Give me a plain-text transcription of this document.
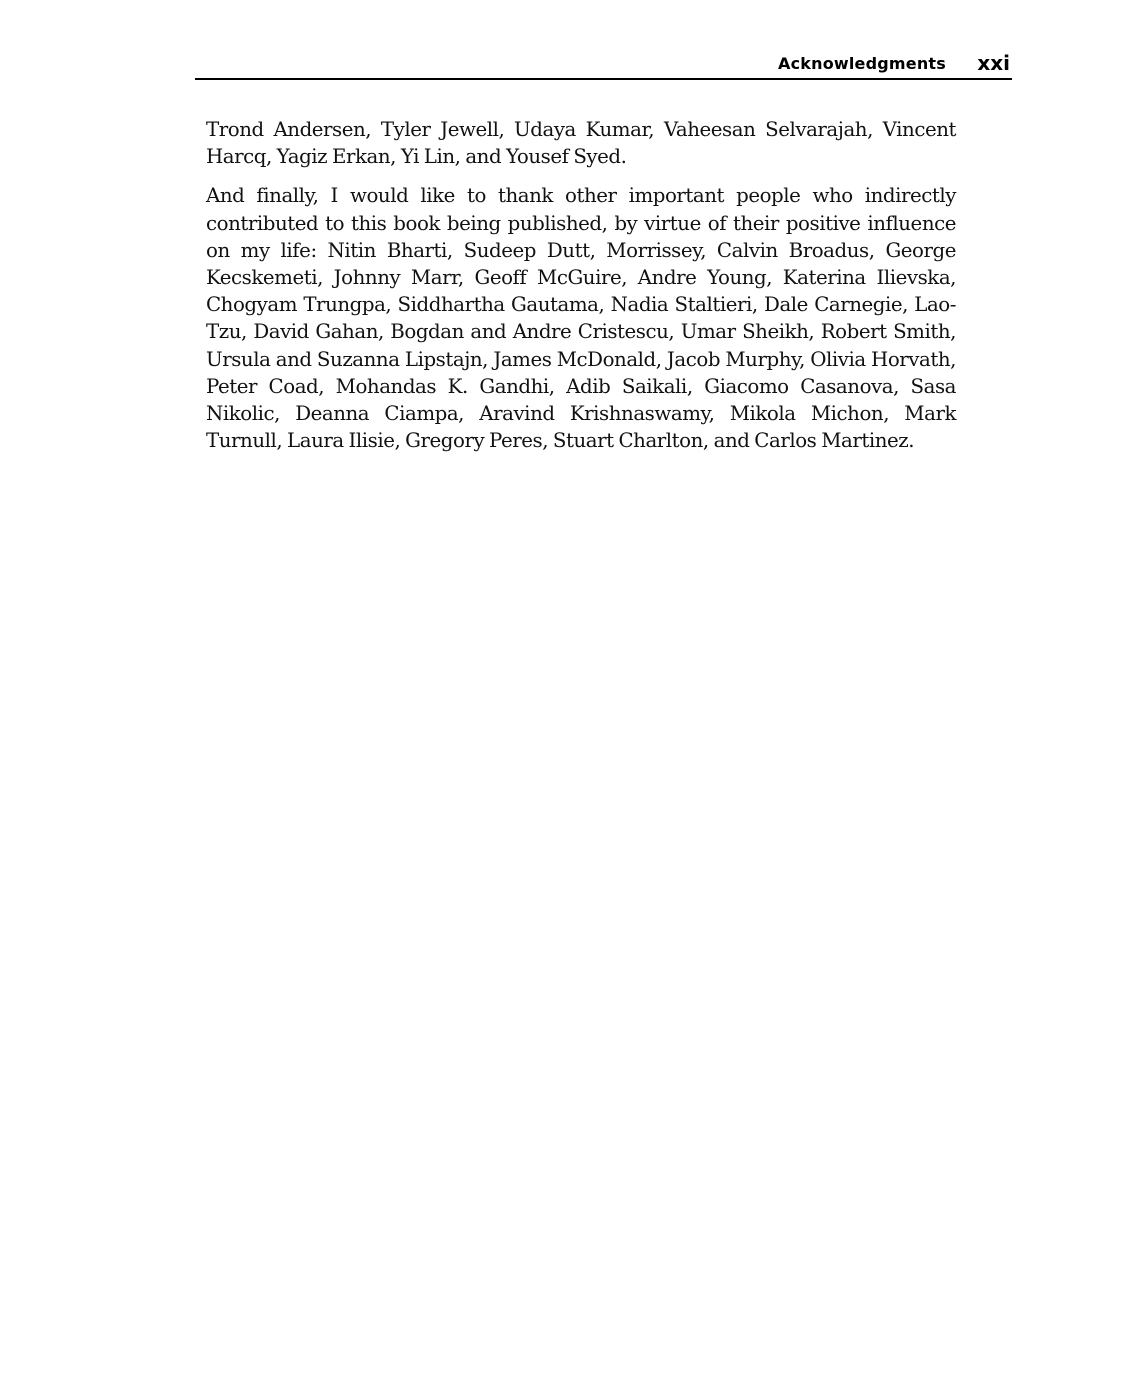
Acknowledgments xxi

Trond Andersen, Tyler Jewell, Udaya Kumar, Vaheesan Selvarajah, Vincent Harcq, Yagiz Erkan, Yi Lin, and Yousef Syed.

And finally, I would like to thank other important people who indirectly contributed to this book being published, by virtue of their positive influence on my life: Nitin Bharti, Sudeep Dutt, Morrissey, Calvin Broadus, George Kecskemeti, Johnny Marr, Geoff McGuire, Andre Young, Katerina Ilievska, Chogyam Trungpa, Siddhartha Gautama, Nadia Staltieri, Dale Carnegie, Lao-Tzu, David Gahan, Bogdan and Andre Cristescu, Umar Sheikh, Robert Smith, Ursula and Suzanna Lipstajn, James McDonald, Jacob Murphy, Olivia Horvath, Peter Coad, Mohandas K. Gandhi, Adib Saikali, Giacomo Casanova, Sasa Nikolic, Deanna Ciampa, Aravind Krishnaswamy, Mikola Michon, Mark Turnull, Laura Ilisie, Gregory Peres, Stuart Charlton, and Carlos Martinez.
